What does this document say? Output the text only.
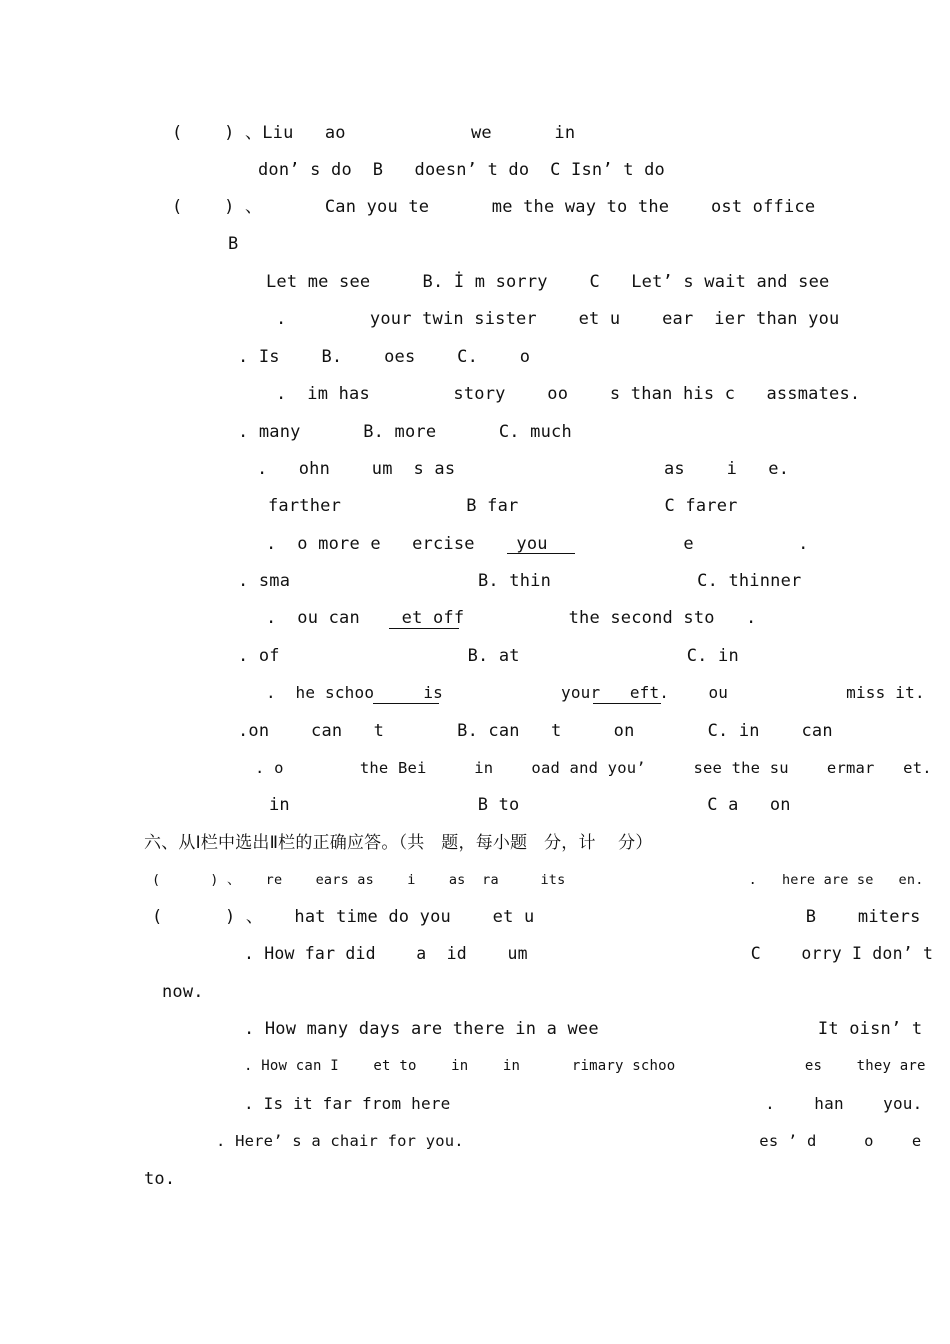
(    ) 、Liu   ao            we      in
don’ s do  B   doesn’ t do  C Isn’ t do
(    ) 、      Can you te      me the way to the    ost office
B
Let me see     B. İ m sorry    C   Let’ s wait and see
.        your twin sister    et u    ear  ier than you
. Is    B.    oes    C.    o
.  im has        story    oo    s than his c   assmates.
. many      B. more      C. much
.   ohn    um  s as                    as    i   e.
farther            B far              C farer
.  o more e   ercise    you             e          .
. sma                  B. thin              C. thinner
.  ou can    et off          the second sto   .
. of                  B. at                C. in
.  he schoo     is            your   eft.    ou            miss it.
.on    can   t       B. can   t     on       C. in    can
. o        the Bei     in    oad and you’     see the su    ermar   et.
in                  B to                  C a   on
六、从Ⅰ栏中选出Ⅱ栏的正确应答。（共   题，每小题   分，计    分）
(      ) 、   re    ears as    i    as  ra     its                      .   here are se   en.
(      ) 、   hat time do you    et u                          B    miters
. How far did    a  id    um                      C    orry I don’ t
now.
. How many days are there in a wee                     It oisn’ t
. How can I    et to    in    in      rimary schoo               es    they are
. Is it far from here                                .    han    you.
. Here’ s a chair for you.                               es ’ d     o    e
to.
